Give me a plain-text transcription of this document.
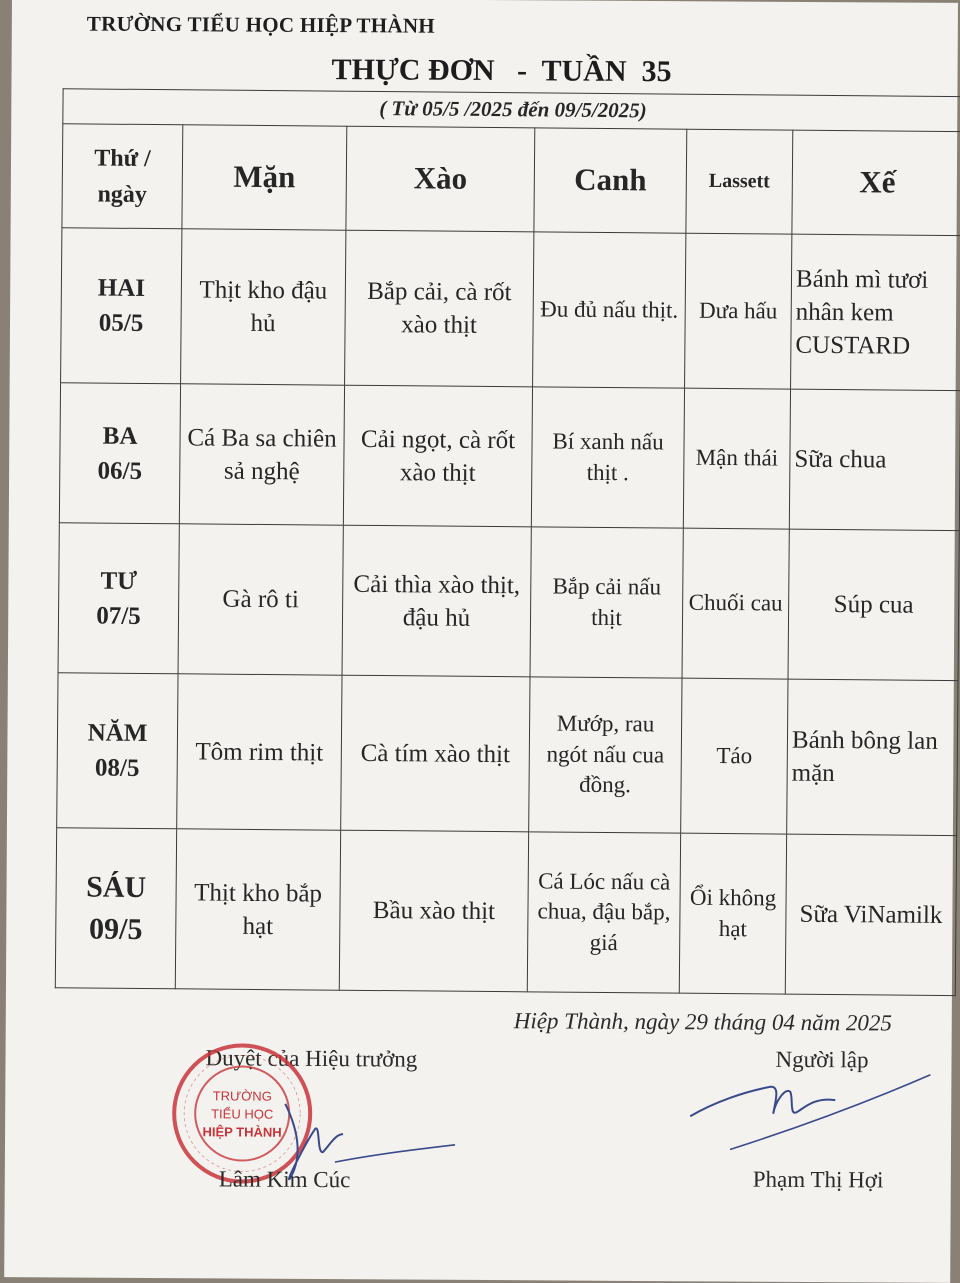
TRƯỜNG TIỂU HỌC HIỆP THÀNH
THỰC ĐƠN   -  TUẦN  35
( Từ 05/5 /2025 đến 09/5/2025)					
Thứ / ngày	Mặn	Xào	Canh	Lassett	Xế

HAI
05/5	Thịt kho đậu hủ	Bắp cải, cà rốt xào thịt	Đu đủ nấu thịt.	Dưa hấu	Bánh mì tươi nhân kem CUSTARD

BA
06/5	Cá Ba sa chiên sả nghệ	Cải ngọt, cà rốt xào thịt	Bí xanh nấu thịt .	Mận thái	Sữa chua

TƯ
07/5	Gà rô ti	Cải thìa xào thịt, đậu hủ	Bắp cải nấu thịt	Chuối cau	Súp cua

NĂM
08/5	Tôm rim thịt	Cà tím xào thịt	Mướp, rau ngót nấu cua đồng.	Táo	Bánh bông lan mặn

SÁU
09/5	Thịt kho bắp hạt	Bầu xào thịt	Cá Lóc nấu cà chua, đậu bắp, giá	Ổi không hạt	Sữa ViNamilk
Hiệp Thành, ngày 29 tháng 04 năm 2025
Duyệt của Hiệu trưởng	Người lập
TRƯỜNG
TIỂU HỌC
HIỆP THÀNH
Lâm Kim Cúc	Phạm Thị Hợi
